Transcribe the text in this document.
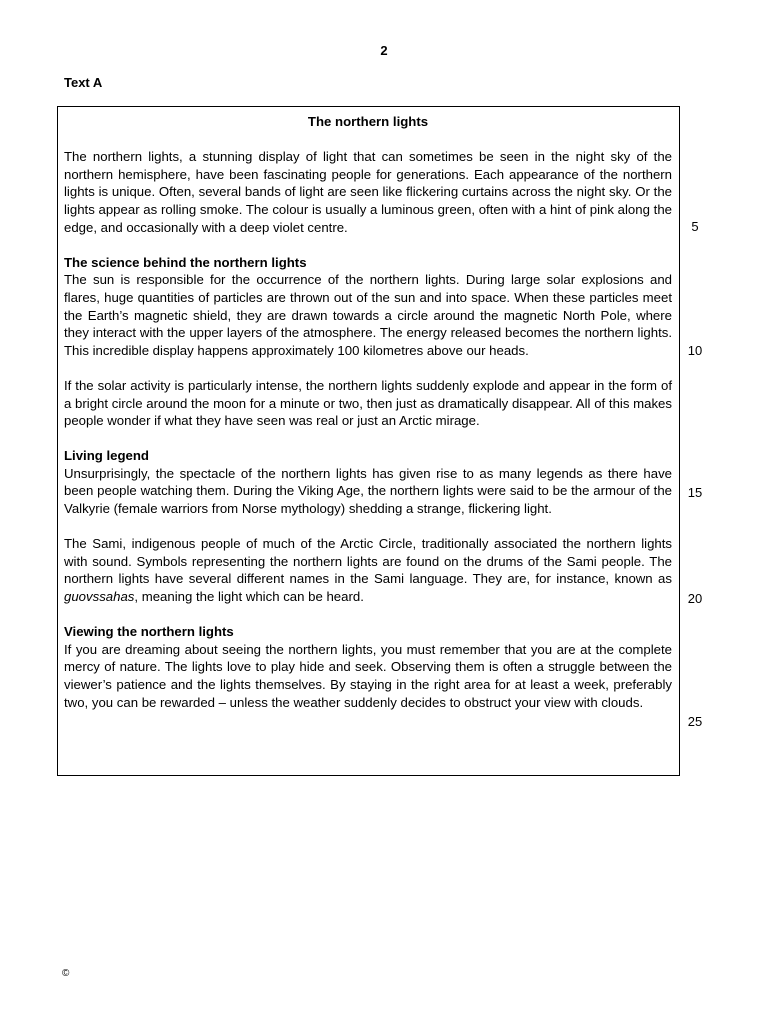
2
Text A
The northern lights

The northern lights, a stunning display of light that can sometimes be seen in the night sky of the northern hemisphere, have been fascinating people for generations. Each appearance of the northern lights is unique. Often, several bands of light are seen like flickering curtains across the night sky. Or the lights appear as rolling smoke. The colour is usually a luminous green, often with a hint of pink along the edge, and occasionally with a deep violet centre.

The science behind the northern lights

The sun is responsible for the occurrence of the northern lights. During large solar explosions and flares, huge quantities of particles are thrown out of the sun and into space. When these particles meet the Earth’s magnetic shield, they are drawn towards a circle around the magnetic North Pole, where they interact with the upper layers of the atmosphere. The energy released becomes the northern lights. This incredible display happens approximately 100 kilometres above our heads.

If the solar activity is particularly intense, the northern lights suddenly explode and appear in the form of a bright circle around the moon for a minute or two, then just as dramatically disappear. All of this makes people wonder if what they have seen was real or just an Arctic mirage.

Living legend

Unsurprisingly, the spectacle of the northern lights has given rise to as many legends as there have been people watching them. During the Viking Age, the northern lights were said to be the armour of the Valkyrie (female warriors from Norse mythology) shedding a strange, flickering light.

The Sami, indigenous people of much of the Arctic Circle, traditionally associated the northern lights with sound. Symbols representing the northern lights are found on the drums of the Sami people. The northern lights have several different names in the Sami language. They are, for instance, known as guovssahas, meaning the light which can be heard.

Viewing the northern lights

If you are dreaming about seeing the northern lights, you must remember that you are at the complete mercy of nature. The lights love to play hide and seek. Observing them is often a struggle between the viewer’s patience and the lights themselves. By staying in the right area for at least a week, preferably two, you can be rewarded – unless the weather suddenly decides to obstruct your view with clouds.

5
10
15
20
25
©
